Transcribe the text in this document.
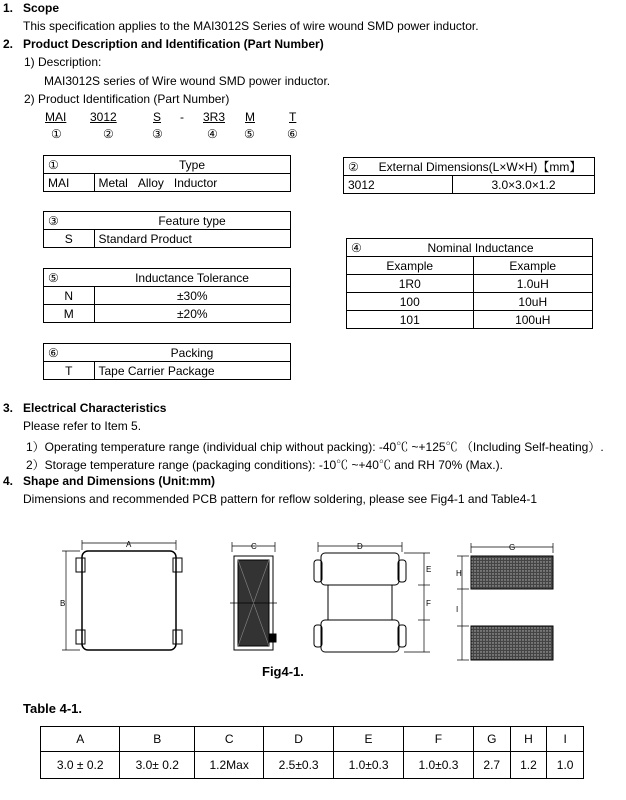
1. Scope
This specification applies to the MAI3012S Series of wire wound SMD power inductor.
2. Product Description and Identification (Part Number)
1) Description:
MAI3012S series of Wire wound SMD power inductor.
2) Product Identification (Part Number)
MAI 3012	S - 3R3 M	T
①	②	③	④ ⑤	⑥
①	Type
MAI	Metal Alloy Inductor
②	External Dimensions(L×W×H)【mm】	
3012		3.0×3.0×1.2
③	Feature type
S	Standard Product
④	Nominal Inductance	
Example		Example
1R0		1.0uH
100		10uH
101		100uH
⑤	Inductance Tolerance
N	±30%
M	±20%
⑥	Packing
T	Tape Carrier Package
3. Electrical Characteristics
Please refer to Item 5.
1）Operating temperature range (individual chip without packing): -40℃ ~+125℃ （Including Self-heating）.
2）Storage temperature range (packaging conditions): -10℃ ~+40℃ and RH 70% (Max.).
4. Shape and Dimensions (Unit:mm)
Dimensions and recommended PCB pattern for reflow soldering, please see Fig4-1 and Table4-1
A
B
C	D
E
F
G
H
I
Fig4-1.
Table 4-1.
A	B	C	D	E	F	G	H	I
3.0 ± 0.2	3.0± 0.2	1.2Max	2.5±0.3	1.0±0.3	1.0±0.3	2.7	1.2	1.0
